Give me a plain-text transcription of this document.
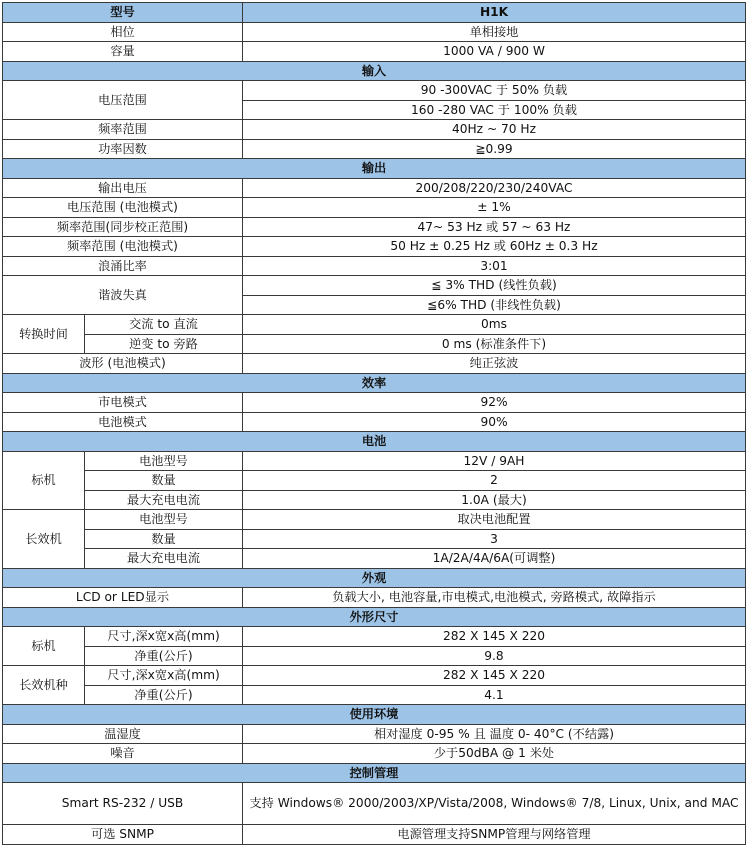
型号		H1K
相位		单相接地
容量		1000 VA / 900 W
输入		
电压范围		90 -300VAC 于 50% 负载
		160 -280 VAC 于 100% 负载
频率范围		40Hz ~ 70 Hz
功率因数		≧0.99
输出		
输出电压		200/208/220/230/240VAC
电压范围 (电池模式)		± 1%
频率范围(同步校正范围)		47~ 53 Hz 或 57 ~ 63 Hz
频率范围 (电池模式)		50 Hz ± 0.25 Hz 或 60Hz ± 0.3 Hz
浪涌比率		3:01
谐波失真		≦ 3% THD (线性负载)
		≦6% THD (非线性负载)
转换时间	交流 to 直流	0ms
	逆变 to 旁路	0 ms (标准条件下)
波形 (电池模式)		纯正弦波
效率		
市电模式		92%
电池模式		90%
电池		
标机	电池型号	12V / 9AH
	数量	2
	最大充电电流	1.0A (最大)
长效机	电池型号	取决电池配置
	数量	3
	最大充电电流	1A/2A/4A/6A(可调整)
外观		
LCD or LED显示		负载大小, 电池容量,市电模式,电池模式, 旁路模式, 故障指示
外形尺寸		
标机	尺寸,深x宽x高(mm)	282 X 145 X 220
	净重(公斤)	9.8
长效机种	尺寸,深x宽x高(mm)	282 X 145 X 220
	净重(公斤)	4.1
使用环境		
温湿度		相对湿度 0-95 % 且 温度 0- 40°C (不结露)
噪音		少于50dBA @ 1 米处
控制管理		
Smart RS-232 / USB		支持 Windows® 2000/2003/XP/Vista/2008, Windows® 7/8, Linux, Unix, and MAC
可选 SNMP		电源管理支持SNMP管理与网络管理
